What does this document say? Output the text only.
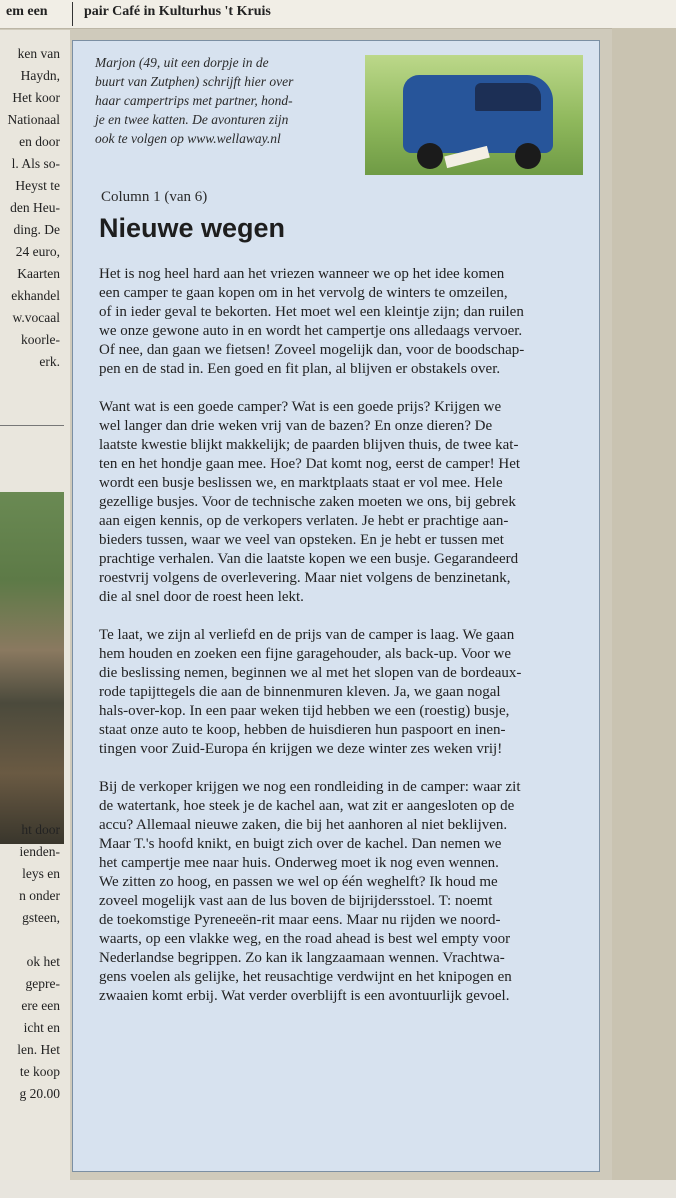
em een	pair Café in Kulturhus 't Kruis
ken van
Haydn,
Het koor
Nationaal
en door
l. Als so-
Heyst te
den Heu-
ding. De
24 euro,
Kaarten
ekhandel
w.vocaal
koorle-
erk.
ht door
ienden-
leys en
n onder
gsteen,
ok het
gepre-
ere een
icht en
len. Het
te koop
g 20.00
Marjon (49, uit een dorpje in de
buurt van Zutphen) schrijft hier over
haar campertrips met partner, hond-
je en twee katten. De avonturen zijn
ook te volgen op www.wellaway.nl
Column 1 (van 6)
Nieuwe wegen

Het is nog heel hard aan het vriezen wanneer we op het idee komen
een camper te gaan kopen om in het vervolg de winters te omzeilen,
of in ieder geval te bekorten. Het moet wel een kleintje zijn; dan ruilen
we onze gewone auto in en wordt het campertje ons alledaags vervoer.
Of nee, dan gaan we fietsen! Zoveel mogelijk dan, voor de boodschap-
pen en de stad in. Een goed en fit plan, al blijven er obstakels over.

Want wat is een goede camper? Wat is een goede prijs? Krijgen we
wel langer dan drie weken vrij van de bazen? En onze dieren? De
laatste kwestie blijkt makkelijk; de paarden blijven thuis, de twee kat-
ten en het hondje gaan mee. Hoe? Dat komt nog, eerst de camper! Het
wordt een busje beslissen we, en marktplaats staat er vol mee. Hele
gezellige busjes. Voor de technische zaken moeten we ons, bij gebrek
aan eigen kennis, op de verkopers verlaten. Je hebt er prachtige aan-
bieders tussen, waar we veel van opsteken. En je hebt er tussen met
prachtige verhalen. Van die laatste kopen we een busje. Gegarandeerd
roestvrij volgens de overlevering. Maar niet volgens de benzinetank,
die al snel door de roest heen lekt.

Te laat, we zijn al verliefd en de prijs van de camper is laag. We gaan
hem houden en zoeken een fijne garagehouder, als back-up. Voor we
die beslissing nemen, beginnen we al met het slopen van de bordeaux-
rode tapijttegels die aan de binnenmuren kleven. Ja, we gaan nogal
hals-over-kop. In een paar weken tijd hebben we een (roestig) busje,
staat onze auto te koop, hebben de huisdieren hun paspoort en inen-
tingen voor Zuid-Europa én krijgen we deze winter zes weken vrij!

Bij de verkoper krijgen we nog een rondleiding in de camper: waar zit
de watertank, hoe steek je de kachel aan, wat zit er aangesloten op de
accu? Allemaal nieuwe zaken, die bij het aanhoren al niet beklijven.
Maar T.'s hoofd knikt, en buigt zich over de kachel. Dan nemen we
het campertje mee naar huis. Onderweg moet ik nog even wennen.
We zitten zo hoog, en passen we wel op één weghelft? Ik houd me
zoveel mogelijk vast aan de lus boven de bijrijdersstoel. T: noemt
de toekomstige Pyreneeën-rit maar eens. Maar nu rijden we noord-
waarts, op een vlakke weg, en the road ahead is best wel empty voor
Nederlandse begrippen. Zo kan ik langzaamaan wennen. Vrachtwa-
gens voelen als gelijke, het reusachtige verdwijnt en het knipogen en
zwaaien komt erbij. Wat verder overblijft is een avontuurlijk gevoel.
